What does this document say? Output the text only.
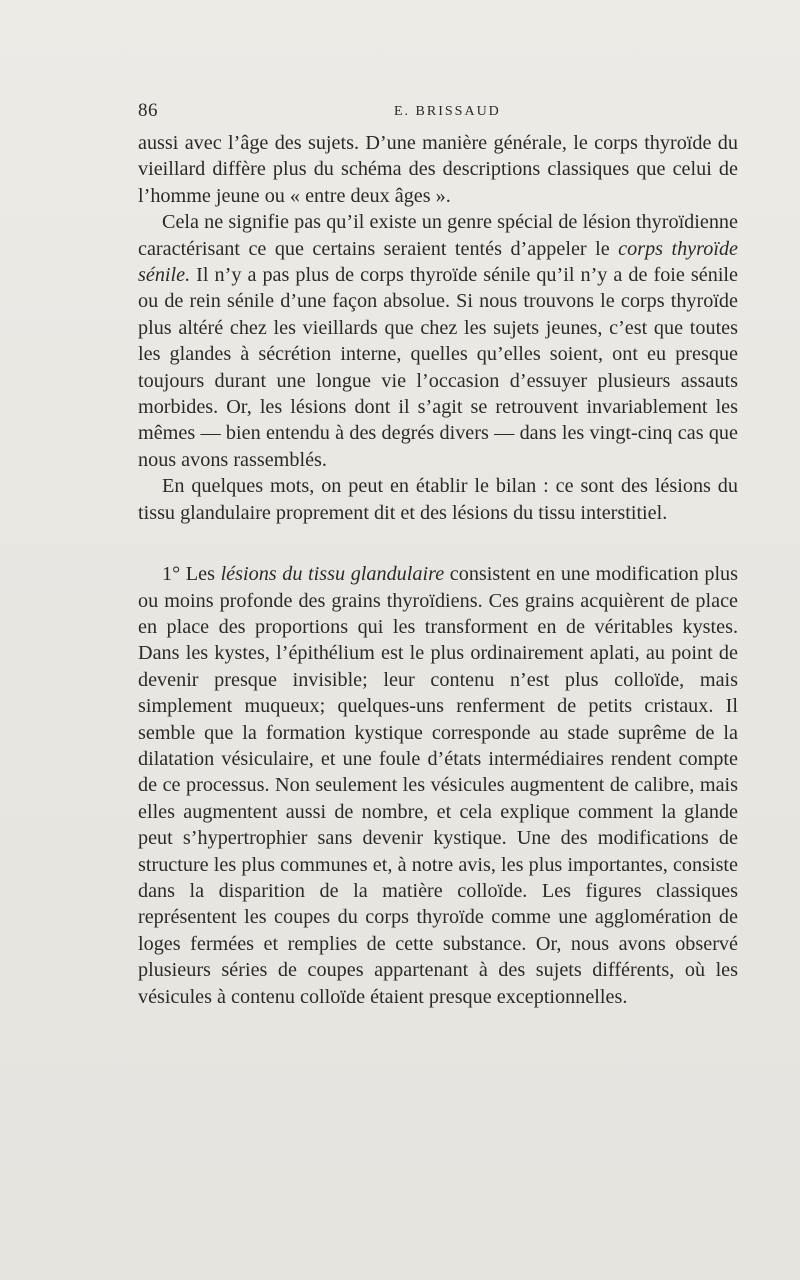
86	E. BRISSAUD

aussi avec l’âge des sujets. D’une manière générale, le corps thyroïde du vieillard diffère plus du schéma des descriptions classiques que celui de l’homme jeune ou « entre deux âges ».

Cela ne signifie pas qu’il existe un genre spécial de lésion thyroïdienne caractérisant ce que certains seraient tentés d’appeler le corps thyroïde sénile. Il n’y a pas plus de corps thyroïde sénile qu’il n’y a de foie sénile ou de rein sénile d’une façon absolue. Si nous trouvons le corps thyroïde plus altéré chez les vieillards que chez les sujets jeunes, c’est que toutes les glandes à sécrétion interne, quelles qu’elles soient, ont eu presque toujours durant une longue vie l’occasion d’essuyer plusieurs assauts morbides. Or, les lésions dont il s’agit se retrouvent invariablement les mêmes — bien entendu à des degrés divers — dans les vingt-cinq cas que nous avons rassemblés.

En quelques mots, on peut en établir le bilan : ce sont des lésions du tissu glandulaire proprement dit et des lésions du tissu interstitiel.

1° Les lésions du tissu glandulaire consistent en une modification plus ou moins profonde des grains thyroïdiens. Ces grains acquièrent de place en place des proportions qui les transforment en de véritables kystes. Dans les kystes, l’épithélium est le plus ordinairement aplati, au point de devenir presque invisible; leur contenu n’est plus colloïde, mais simplement muqueux; quelques-uns renferment de petits cristaux. Il semble que la formation kystique corresponde au stade suprême de la dilatation vésiculaire, et une foule d’états intermédiaires rendent compte de ce processus. Non seulement les vésicules augmentent de calibre, mais elles augmentent aussi de nombre, et cela explique comment la glande peut s’hypertrophier sans devenir kystique. Une des modifications de structure les plus communes et, à notre avis, les plus importantes, consiste dans la disparition de la matière colloïde. Les figures classiques représentent les coupes du corps thyroïde comme une agglomération de loges fermées et remplies de cette substance. Or, nous avons observé plusieurs séries de coupes appartenant à des sujets différents, où les vésicules à contenu colloïde étaient presque exceptionnelles.
